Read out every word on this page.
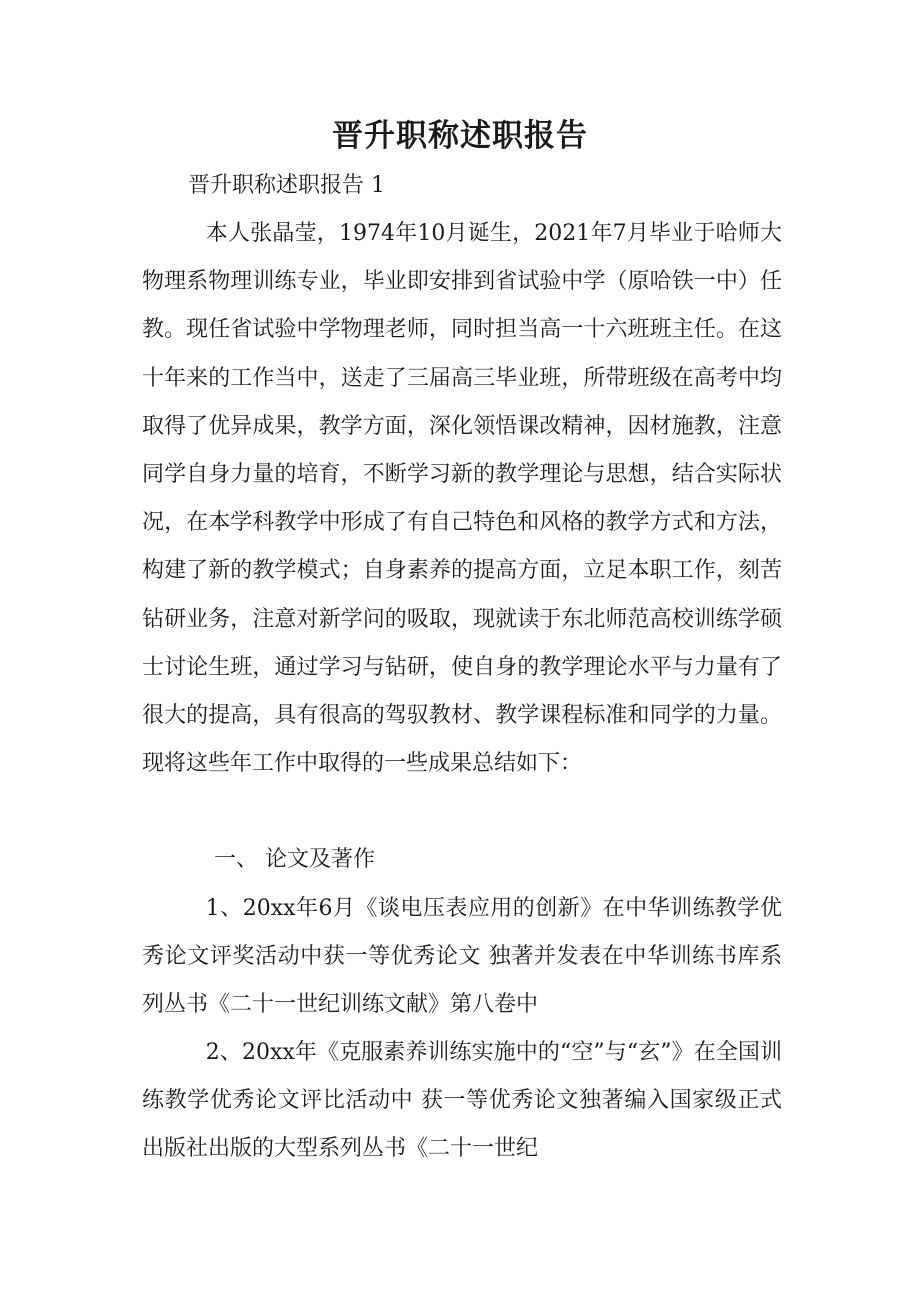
晋升职称述职报告

晋升职称述职报告 1

本人张晶莹，1974年10月诞生，2021年7月毕业于哈师大物理系物理训练专业，毕业即安排到省试验中学（原哈铁一中）任教。现任省试验中学物理老师，同时担当高一十六班班主任。在这十年来的工作当中，送走了三届高三毕业班，所带班级在高考中均取得了优异成果，教学方面，深化领悟课改精神，因材施教，注意同学自身力量的培育，不断学习新的教学理论与思想，结合实际状况，在本学科教学中形成了有自己特色和风格的教学方式和方法，构建了新的教学模式；自身素养的提高方面，立足本职工作，刻苦钻研业务，注意对新学问的吸取，现就读于东北师范高校训练学硕士讨论生班，通过学习与钻研，使自身的教学理论水平与力量有了很大的提高，具有很高的驾驭教材、教学课程标准和同学的力量。现将这些年工作中取得的一些成果总结如下：

一、 论文及著作

1、20xx年6月《谈电压表应用的创新》在中华训练教学优秀论文评奖活动中获一等优秀论文 独著并发表在中华训练书库系列丛书《二十一世纪训练文献》第八卷中

2、20xx年《克服素养训练实施中的“空”与“玄”》在全国训练教学优秀论文评比活动中 获一等优秀论文独著编入国家级正式出版社出版的大型系列丛书《二十一世纪
